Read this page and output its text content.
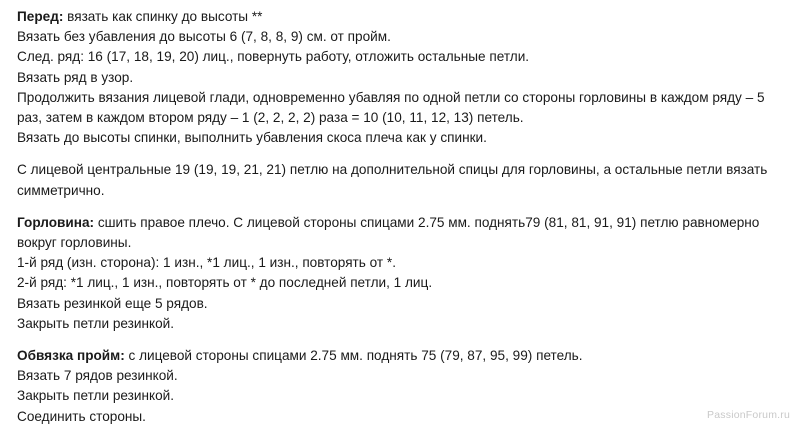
Перед: вязать как спинку до высоты **
Вязать без убавления до высоты 6 (7, 8, 8, 9) см. от пройм.
След. ряд: 16 (17, 18, 19, 20) лиц., повернуть работу, отложить остальные петли.
Вязать ряд в узор.
Продолжить вязания лицевой глади, одновременно убавляя по одной петли со стороны горловины в каждом ряду – 5 раз, затем в каждом втором ряду – 1 (2, 2, 2, 2) раза = 10 (10, 11, 12, 13) петель.
Вязать до высоты спинки, выполнить убавления скоса плеча как у спинки.
С лицевой центральные 19 (19, 19, 21, 21) петлю на дополнительной спицы для горловины, а остальные петли вязать симметрично.
Горловина: сшить правое плечо. С лицевой стороны спицами 2.75 мм. поднять79 (81, 81, 91, 91) петлю равномерно вокруг горловины.
1-й ряд (изн. сторона): 1 изн., *1 лиц., 1 изн., повторять от *.
2-й ряд: *1 лиц., 1 изн., повторять от * до последней петли, 1 лиц.
Вязать резинкой еще 5 рядов.
Закрыть петли резинкой.
Обвязка пройм: с лицевой стороны спицами 2.75 мм. поднять 75 (79, 87, 95, 99) петель.
Вязать 7 рядов резинкой.
Закрыть петли резинкой.
Соединить стороны.	PassionForum.ru
